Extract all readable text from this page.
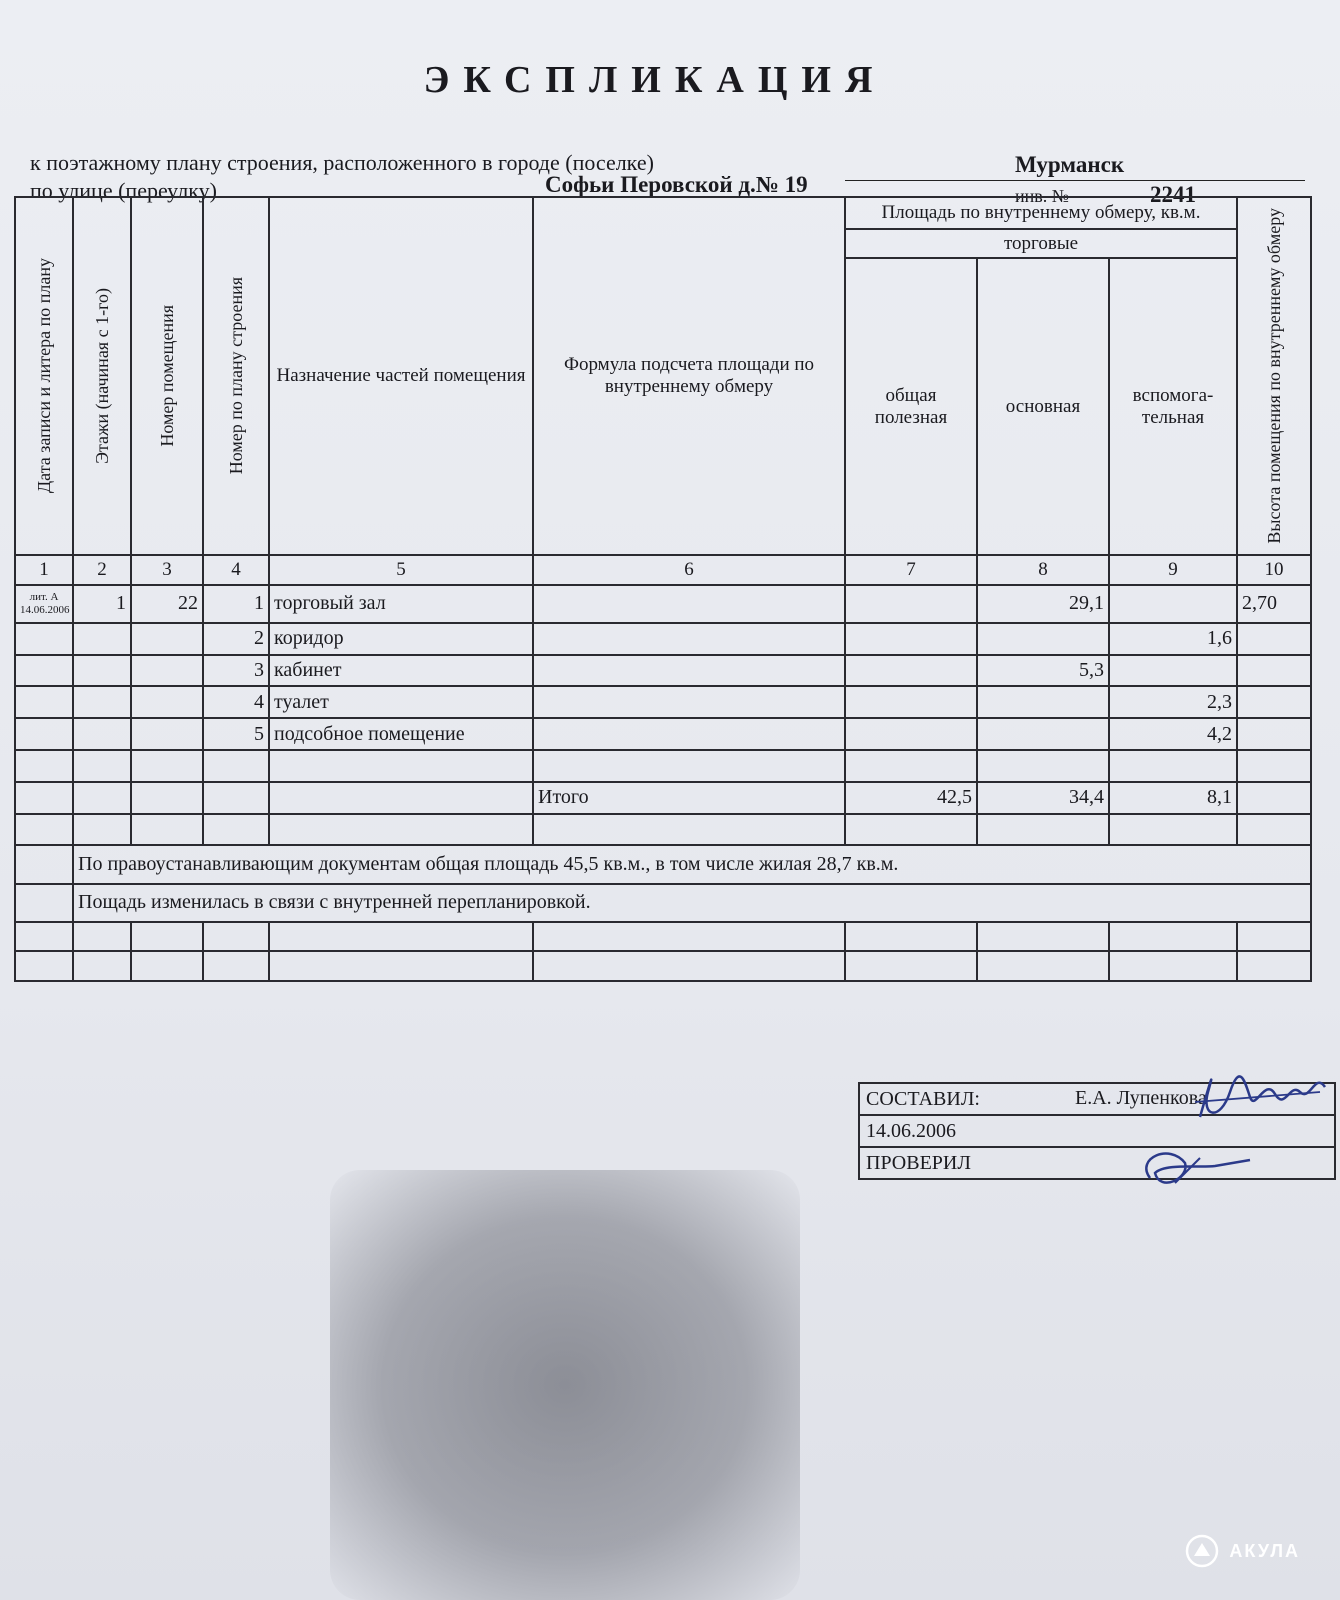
ЭКСПЛИКАЦИЯ
к поэтажному плану строения, расположенного в городе (поселке)	Мурманск
по улице (переулку)	Софьи Перовской д.№ 19	инв. №	2241
Дата записи и литера по плану	Этажи (начиная с 1-го)	Номер помещения	Номер по плану строения	Назначение частей помещения	Формула подсчета площади по внутреннему обмеру	Площадь по внутреннему обмеру, кв.м.			Высота помещения по внутреннему обмеру

						торговые			
						общая полезная	основная	вспомога-тельная	
1	2	3	4	5	6	7	8	9	10
лит. А 14.06.2006	1	22	1	торговый зал			29,1		2,70
			2	коридор				1,6	
			3	кабинет			5,3		
			4	туалет				2,3	
			5	подсобное помещение				4,2	

					Итого	42,5	34,4	8,1	

	По правоустанавливающим документам общая площадь 45,5 кв.м., в том числе жилая 28,7 кв.м.								
	Пощадь изменилась в связи с внутренней перепланировкой.								

СОСТАВИЛ:
14.06.2006
ПРОВЕРИЛ
Е.А. Лупенкова
АКУЛА
